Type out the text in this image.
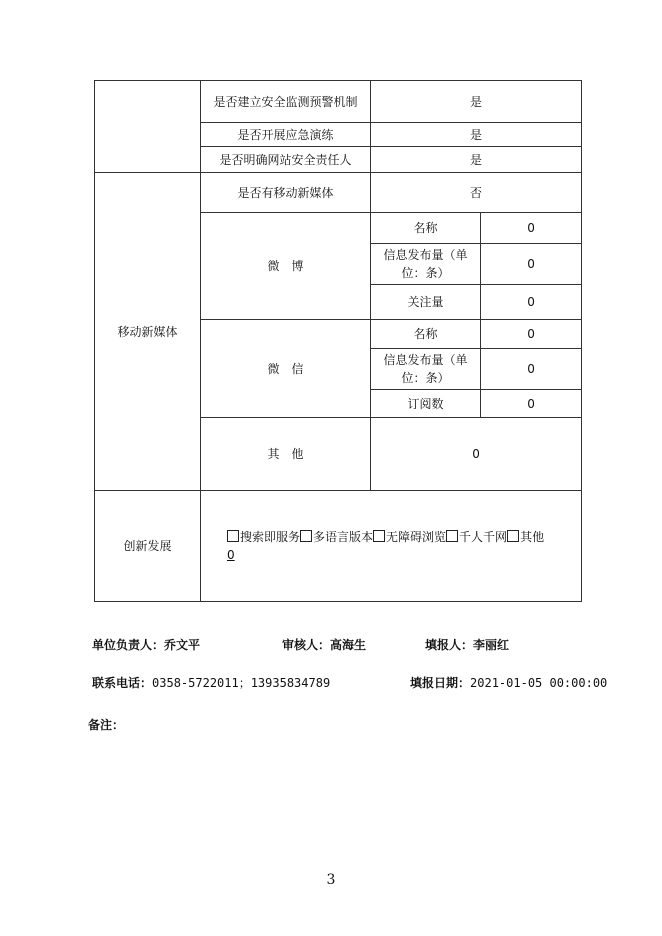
	是否建立安全监测预警机制	是	
	是否开展应急演练	是	
	是否明确网站安全责任人	是	
移动新媒体	是否有移动新媒体	否	
	微　博	名称	0
		信息发布量（单位：条）	0
		关注量	0
	微　信	名称	0
		信息发布量（单位：条）	0
		订阅数	0
	其　他	0	
创新发展	搜索即服务 多语言版本 无障碍浏览 千人千网 其他
0		
单位负责人：乔文平	审核人：高海生	填报人：李丽红
联系电话：0358-5722011；13935834789	填报日期：2021-01-05 00:00:00
备注：
3
